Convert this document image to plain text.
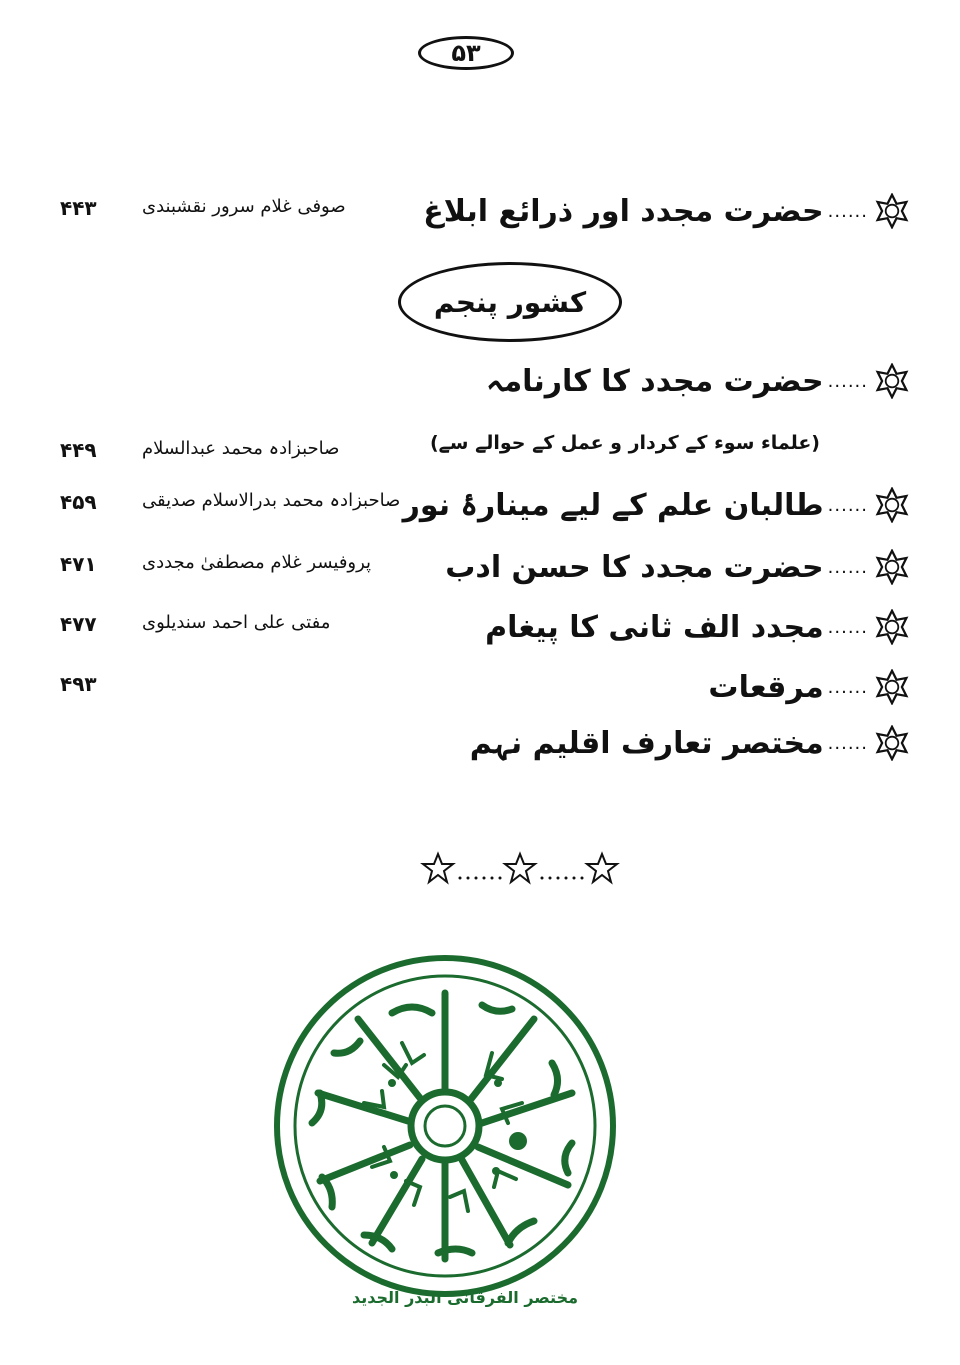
۵۳
......
حضرت مجدد اور ذرائع ابلاغ
صوفی غلام سرور نقشبندی
۴۴۳
کشور پنجم
......
حضرت مجدد کا کارنامہ
(علماء سوء کے کردار و عمل کے حوالے سے)
صاحبزادہ محمد عبدالسلام
۴۴۹
......
طالبان علم کے لیے مینارۂ نور
صاحبزادہ محمد بدرالاسلام صدیقی
۴۵۹
......
حضرت مجدد کا حسن ادب
پروفیسر غلام مصطفیٰ مجددی
۴۷۱
......
مجدد الف ثانی کا پیغام
مفتی علی احمد سندیلوی
۴۷۷
......
مرقعات
۴۹۳
......
مختصر تعارف اقلیم نہم
مختصر الفرقانی البدر الجدید
